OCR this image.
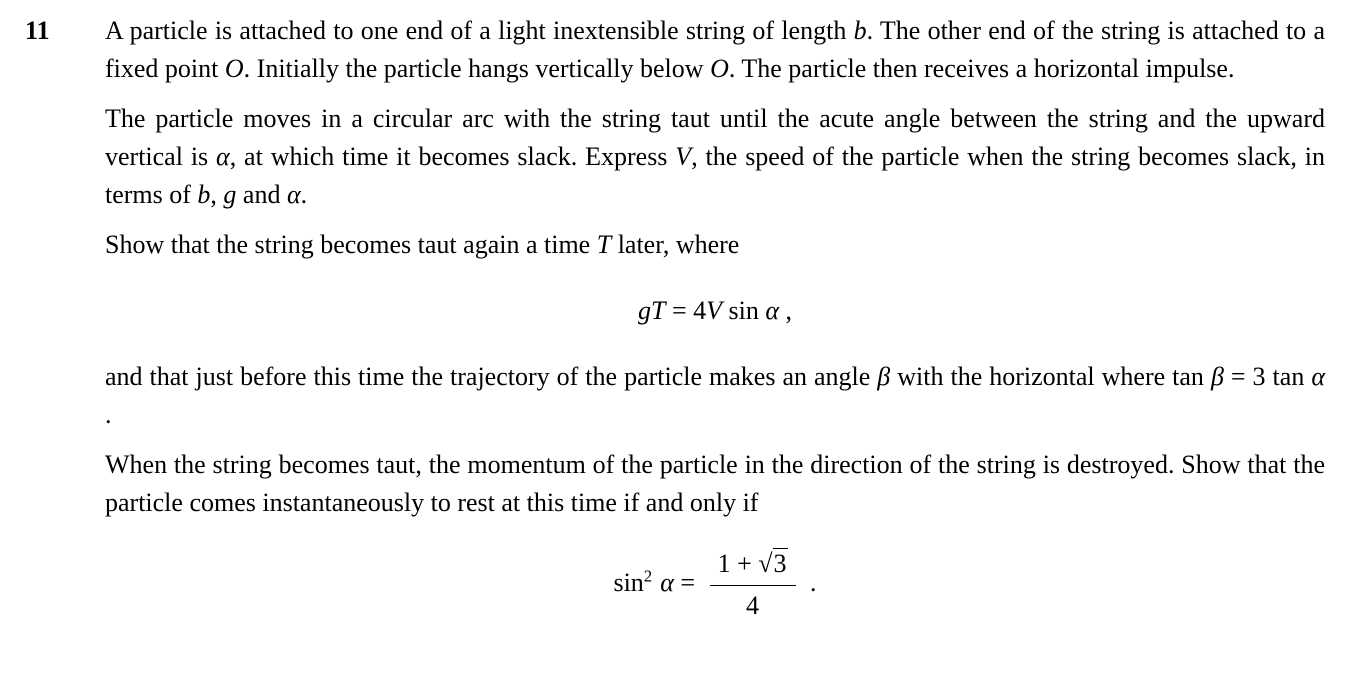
11	A particle is attached to one end of a light inextensible string of length b. The other end of the string is attached to a fixed point O. Initially the particle hangs vertically below O. The particle then receives a horizontal impulse.

The particle moves in a circular arc with the string taut until the acute angle between the string and the upward vertical is α, at which time it becomes slack. Express V, the speed of the particle when the string becomes slack, in terms of b, g and α.

Show that the string becomes taut again a time T later, where

gT = 4V sin α ,

and that just before this time the trajectory of the particle makes an angle β with the horizontal where tan β = 3 tan α .

When the string becomes taut, the momentum of the particle in the direction of the string is destroyed. Show that the particle comes instantaneously to rest at this time if and only if

$\sin^2 \alpha = \frac{1 + √3}{4}$ .
